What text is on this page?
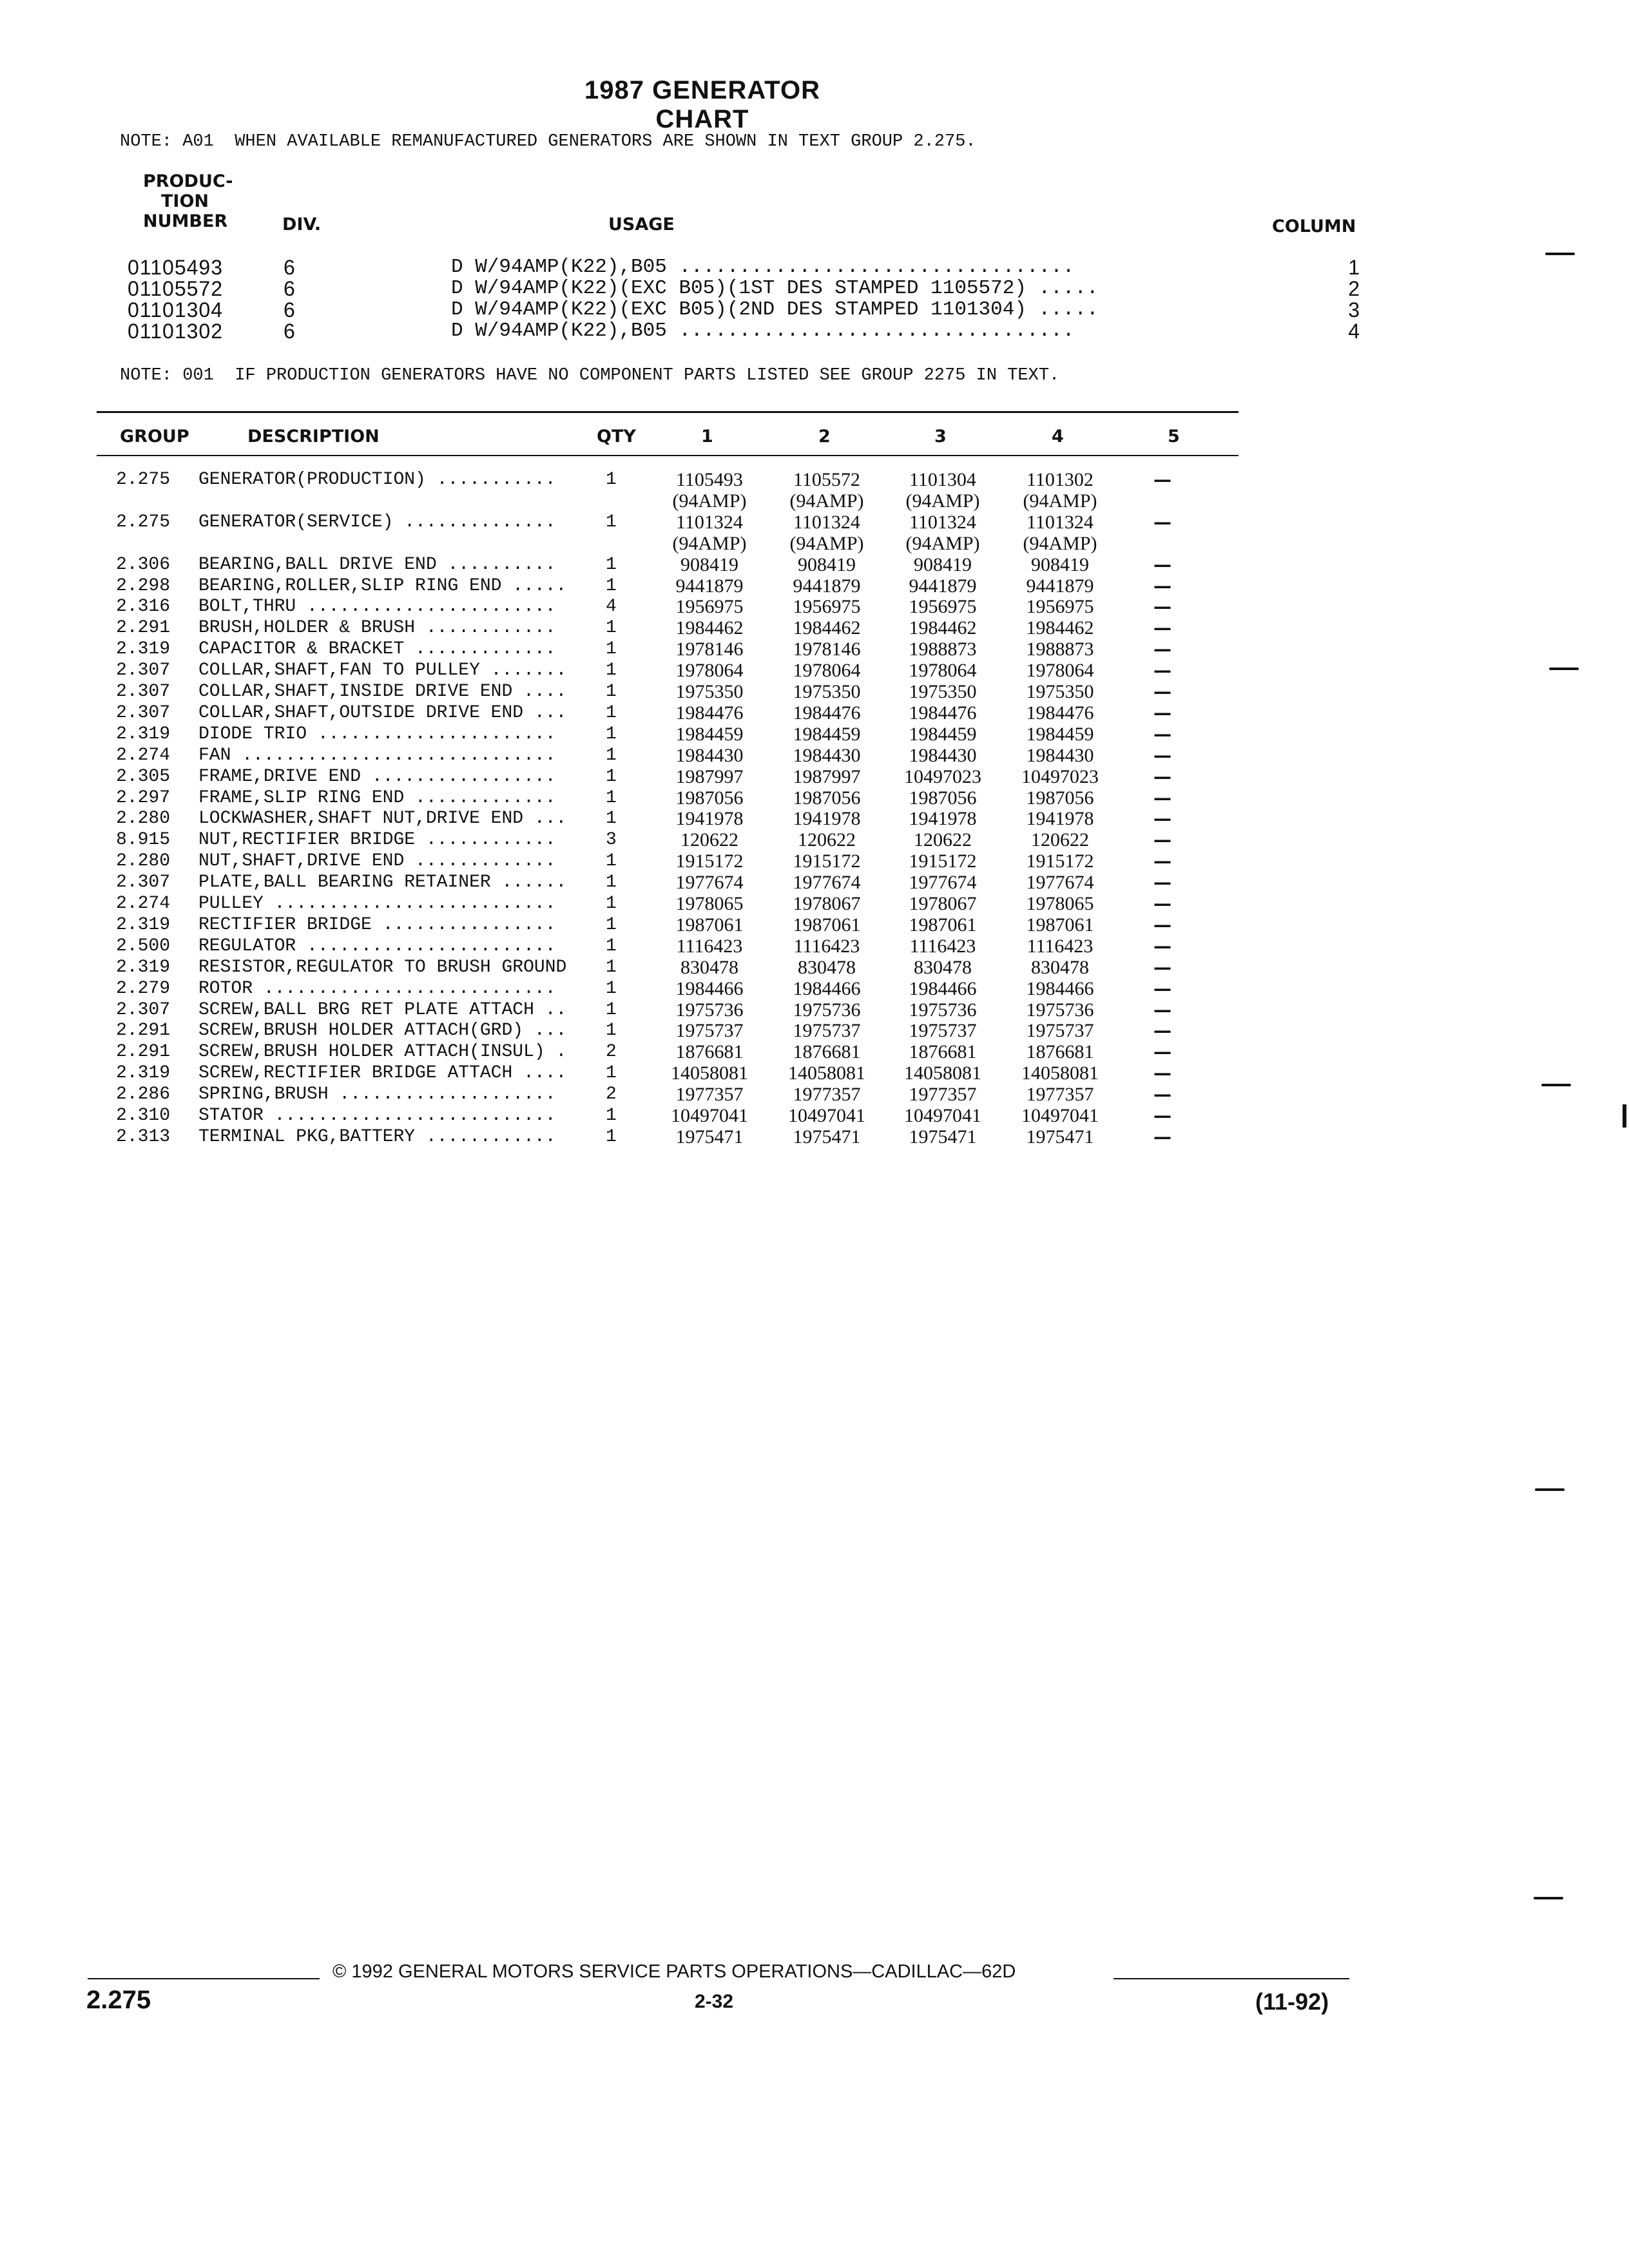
1987 GENERATOR CHART
NOTE: A01  WHEN AVAILABLE REMANUFACTURED GENERATORS ARE SHOWN IN TEXT GROUP 2.275.
PRODUC-
TION
NUMBER	DIV.	USAGE	COLUMN
01105493	6	D W/94AMP(K22),B05 .................................	1
01105572	6	D W/94AMP(K22)(EXC B05)(1ST DES STAMPED 1105572) .....	2
01101304	6	D W/94AMP(K22)(EXC B05)(2ND DES STAMPED 1101304) .....	3
01101302	6	D W/94AMP(K22),B05 .................................	4
NOTE: 001  IF PRODUCTION GENERATORS HAVE NO COMPONENT PARTS LISTED SEE GROUP 2275 IN TEXT.
GROUP	DESCRIPTION	QTY	1	2	3	4	5
2.275 GENERATOR(PRODUCTION) ...........	1	1105493	1105572	1101304	1101302	—
(94AMP)	(94AMP)	(94AMP)	(94AMP)
2.275 GENERATOR(SERVICE) ..............	1	1101324	1101324	1101324	1101324	—
(94AMP)	(94AMP)	(94AMP)	(94AMP)
2.306 BEARING,BALL DRIVE END ..........	1	908419	908419	908419	908419	—
2.298 BEARING,ROLLER,SLIP RING END .....	1	9441879	9441879	9441879	9441879	—
2.316 BOLT,THRU .......................	4	1956975	1956975	1956975	1956975	—
2.291 BRUSH,HOLDER & BRUSH ............	1	1984462	1984462	1984462	1984462	—
2.319 CAPACITOR & BRACKET .............	1	1978146	1978146	1988873	1988873	—
2.307 COLLAR,SHAFT,FAN TO PULLEY .......	1	1978064	1978064	1978064	1978064	—
2.307 COLLAR,SHAFT,INSIDE DRIVE END ....	1	1975350	1975350	1975350	1975350	—
2.307 COLLAR,SHAFT,OUTSIDE DRIVE END ...	1	1984476	1984476	1984476	1984476	—
2.319 DIODE TRIO ......................	1	1984459	1984459	1984459	1984459	—
2.274 FAN .............................	1	1984430	1984430	1984430	1984430	—
2.305 FRAME,DRIVE END .................	1	1987997	1987997	10497023	10497023	—
2.297 FRAME,SLIP RING END .............	1	1987056	1987056	1987056	1987056	—
2.280 LOCKWASHER,SHAFT NUT,DRIVE END ...	1	1941978	1941978	1941978	1941978	—
8.915 NUT,RECTIFIER BRIDGE ............	3	120622	120622	120622	120622	—
2.280 NUT,SHAFT,DRIVE END .............	1	1915172	1915172	1915172	1915172	—
2.307 PLATE,BALL BEARING RETAINER ......	1	1977674	1977674	1977674	1977674	—
2.274 PULLEY ..........................	1	1978065	1978067	1978067	1978065	—
2.319 RECTIFIER BRIDGE ................	1	1987061	1987061	1987061	1987061	—
2.500 REGULATOR .......................	1	1116423	1116423	1116423	1116423	—
2.319 RESISTOR,REGULATOR TO BRUSH GROUND	1	830478	830478	830478	830478	—
2.279 ROTOR ...........................	1	1984466	1984466	1984466	1984466	—
2.307 SCREW,BALL BRG RET PLATE ATTACH ..	1	1975736	1975736	1975736	1975736	—
2.291 SCREW,BRUSH HOLDER ATTACH(GRD) ...	1	1975737	1975737	1975737	1975737	—
2.291 SCREW,BRUSH HOLDER ATTACH(INSUL) .	2	1876681	1876681	1876681	1876681	—
2.319 SCREW,RECTIFIER BRIDGE ATTACH ....	1	14058081	14058081	14058081	14058081	—
2.286 SPRING,BRUSH ....................	2	1977357	1977357	1977357	1977357	—
2.310 STATOR ..........................	1	10497041	10497041	10497041	10497041	—
2.313 TERMINAL PKG,BATTERY ............	1	1975471	1975471	1975471	1975471	—
© 1992 GENERAL MOTORS SERVICE PARTS OPERATIONS—CADILLAC—62D
2.275	2-32	(11-92)
